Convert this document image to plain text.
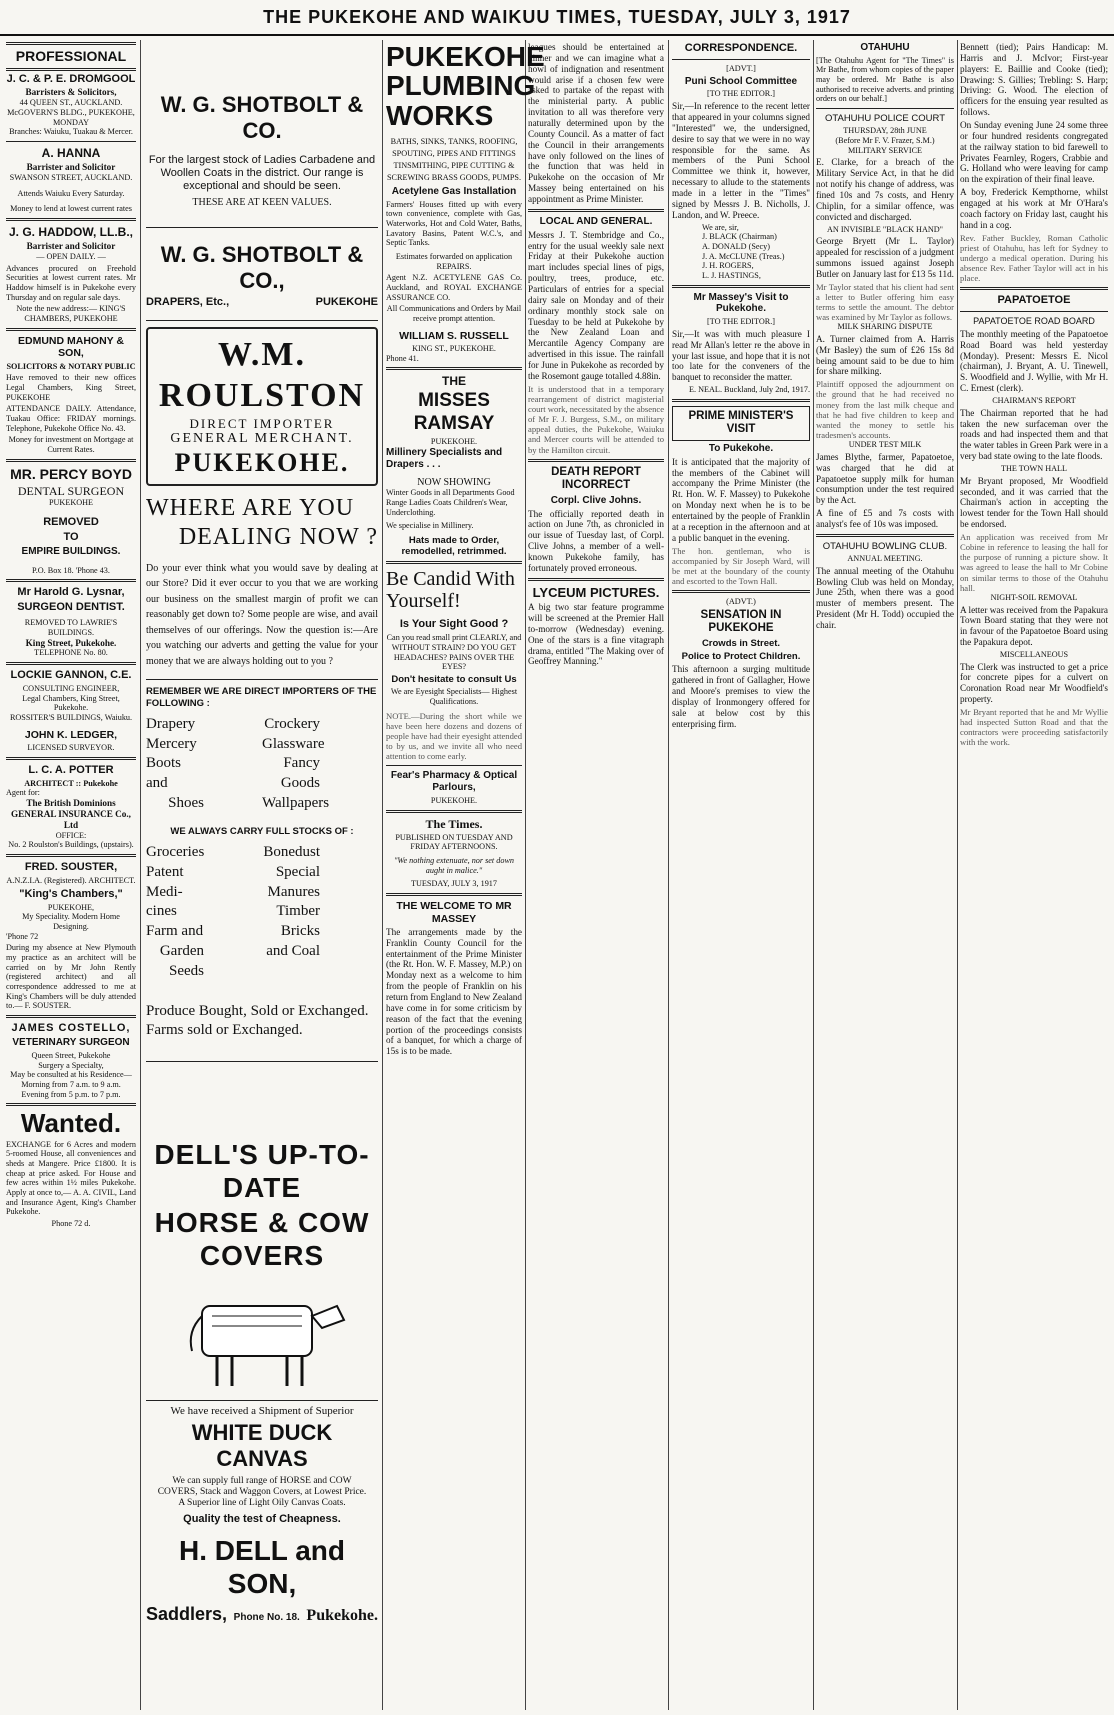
THE PUKEKOHE AND WAIKUU TIMES, TUESDAY, JULY 3, 1917
PROFESSIONAL
J. C. & P. E. DROMGOOL
Barristers & Solicitors,
44 QUEEN ST., AUCKLAND.
McGOVERN'S BLDG., PUKEKOHE, MONDAY
Branches: Waiuku, Tuakau & Mercer.
A. HANNA
Barrister and Solicitor
SWANSON STREET, AUCKLAND.
Attends Waiuku Every Saturday.
Money to lend at lowest current rates
J. G. HADDOW, LL.B.,
Barrister and Solicitor
— OPEN DAILY. —
Advances procured on Freehold Securities at lowest current rates. Mr Haddow himself is in Pukekohe every Thursday and on regular sale days.
Note the new address:— KING'S CHAMBERS, PUKEKOHE
EDMUND MAHONY & SON,
SOLICITORS & NOTARY PUBLIC
Have removed to their new offices Legal Chambers, King Street, PUKEKOHE
ATTENDANCE DAILY. Attendance, Tuakau Office: FRIDAY mornings. Telephone, Pukekohe Office No. 43.
Money for investment on Mortgage at Current Rates.
MR. PERCY BOYD
DENTAL SURGEON
PUKEKOHE
REMOVED
TO
EMPIRE BUILDINGS.
P.O. Box 18. 'Phone 43.
Mr Harold G. Lysnar,
SURGEON DENTIST.
REMOVED TO LAWRIE'S BUILDINGS.
King Street, Pukekohe.
TELEPHONE No. 80.
LOCKIE GANNON, C.E.
CONSULTING ENGINEER,
Legal Chambers, King Street, Pukekohe.
ROSSITER'S BUILDINGS, Waiuku.
JOHN K. LEDGER,
LICENSED SURVEYOR.
L. C. A. POTTER
ARCHITECT :: Pukekohe
Agent for:
The British Dominions GENERAL INSURANCE Co., Ltd
OFFICE:
No. 2 Roulston's Buildings, (upstairs).
FRED. SOUSTER,
A.N.Z.I.A. (Registered). ARCHITECT.
"King's Chambers,"
PUKEKOHE,
My Speciality. Modern Home Designing.
'Phone 72
During my absence at New Plymouth my practice as an architect will be carried on by Mr John Rently (registered architect) and all correspondence addressed to me at King's Chambers will be duly attended to.— F. SOUSTER.
JAMES COSTELLO,
VETERINARY SURGEON
Queen Street, Pukekohe
Surgery a Specialty,
May be consulted at his Residence—
Morning from 7 a.m. to 9 a.m.
Evening from 5 p.m. to 7 p.m.
Wanted.
EXCHANGE for 6 Acres and modern 5-roomed House, all conveniences and sheds at Mangere. Price £1800. It is cheap at price asked. For House and few acres within 1½ miles Pukekohe. Apply at once to,— A. A. CIVIL, Land and Insurance Agent, King's Chamber Pukekohe.
Phone 72 d.
W. G. SHOTBOLT & CO.
For the largest stock of Ladies Carbadene and Woollen Coats in the district. Our range is exceptional and should be seen.
THESE ARE AT KEEN VALUES.
W. G. SHOTBOLT & CO.,
DRAPERS, Etc.,	PUKEKOHE
W.M. ROULSTON
DIRECT IMPORTER
GENERAL MERCHANT.
PUKEKOHE.
WHERE ARE YOU
DEALING NOW ?
Do your ever think what you would save by dealing at our Store? Did it ever occur to you that we are working our business on the smallest margin of profit we can reasonably get down to? Some people are wise, and avail themselves of our offerings. Now the question is:—Are you watching our adverts and getting the value for your money that we are always holding out to you ?
REMEMBER WE ARE DIRECT IMPORTERS OF THE FOLLOWING :
Drapery
Mercery
Boots and
Shoes
Crockery
Glassware
Fancy Goods
Wallpapers
WE ALWAYS CARRY FULL STOCKS OF :
Groceries
Patent Medi-
cines
Farm and
Garden Seeds
Bonedust
Special
Manures
Timber
Bricks
and Coal
Produce Bought, Sold or Exchanged. Farms sold or Exchanged.
DELL'S UP-TO-DATE
HORSE & COW COVERS
We have received a Shipment of Superior
WHITE DUCK CANVAS
We can supply full range of HORSE and COW COVERS, Stack and Waggon Covers, at Lowest Price. A Superior line of Light Oily Canvas Coats.
Quality the test of Cheapness.
H. DELL and SON,
Saddlers, Phone No. 18. Pukekohe.
PUKEKOHE PLUMBING WORKS
BATHS, SINKS, TANKS, ROOFING, SPOUTING, PIPES AND FITTINGS TINSMITHING, PIPE CUTTING & SCREWING BRASS GOODS, PUMPS.
Acetylene Gas Installation
Farmers' Houses fitted up with every town convenience, complete with Gas, Waterworks, Hot and Cold Water, Baths, Lavatory Basins, Patent W.C.'s, and Septic Tanks.
Estimates forwarded on application REPAIRS.
Agent N.Z. ACETYLENE GAS Co. Auckland, and ROYAL EXCHANGE ASSURANCE CO.
All Communications and Orders by Mail receive prompt attention.
WILLIAM S. RUSSELL
KING ST., PUKEKOHE.
Phone 41.
THE
MISSES RAMSAY
PUKEKOHE.
Millinery Specialists and Drapers . . .
NOW SHOWING
Winter Goods in all Departments Good Range Ladies Coats Children's Wear, Underclothing.
We specialise in Millinery.
Hats made to Order, remodelled, retrimmed.
Be Candid With Yourself!
Is Your Sight Good ?
Can you read small print CLEARLY, and WITHOUT STRAIN? DO YOU GET HEADACHES? PAINS OVER THE EYES?
Don't hesitate to consult Us
We are Eyesight Specialists— Highest Qualifications.
NOTE.—During the short while we have been here dozens and dozens of people have had their eyesight attended to by us, and we invite all who need attention to come early.
Fear's Pharmacy & Optical Parlours,
PUKEKOHE.
The Times.
PUBLISHED ON TUESDAY AND FRIDAY AFTERNOONS.
"We nothing extenuate, nor set down aught in malice."
TUESDAY, JULY 3, 1917
THE WELCOME TO MR MASSEY
The arrangements made by the Franklin County Council for the entertainment of the Prime Minister (the Rt. Hon. W. F. Massey, M.P.) on Monday next as a welcome to him from the people of Franklin on his return from England to New Zealand have come in for some criticism by reason of the fact that the evening portion of the proceedings consists of a banquet, for which a charge of 15s is to be made.
leagues should be entertained at dinner and we can imagine what a howl of indignation and resentment would arise if a chosen few were asked to partake of the repast with the ministerial party. A public invitation to all was therefore very naturally determined upon by the County Council. As a matter of fact the Council in their arrangements have only followed on the lines of the function that was held in Pukekohe on the occasion of Mr Massey being entertained on his appointment as Prime Minister.
LOCAL AND GENERAL.
Messrs J. T. Stembridge and Co., entry for the usual weekly sale next Friday at their Pukekohe auction mart includes special lines of pigs, poultry, trees, produce, etc. Particulars of entries for a special dairy sale on Monday and of their ordinary monthly stock sale on Tuesday to be held at Pukekohe by the New Zealand Loan and Mercantile Agency Company are advertised in this issue. The rainfall for June in Pukekohe as recorded by the Rosemont gauge totalled 4.88in.
It is understood that in a temporary rearrangement of district magisterial court work, necessitated by the absence of Mr F. J. Burgess, S.M., on military appeal duties, the Pukekohe, Waiuku and Mercer courts will be attended to by the Hamilton circuit.
DEATH REPORT INCORRECT
Corpl. Clive Johns.
The officially reported death in action on June 7th, as chronicled in our issue of Tuesday last, of Corpl. Clive Johns, a member of a well-known Pukekohe family, has fortunately proved erroneous.
LYCEUM PICTURES.
A big two star feature programme will be screened at the Premier Hall to-morrow (Wednesday) evening. One of the stars is a fine vitagraph drama, entitled "The Making over of Geoffrey Manning."
CORRESPONDENCE.
[ADVT.]
Puni School Committee
[TO THE EDITOR.]
Sir,—In reference to the recent letter that appeared in your columns signed "Interested" we, the undersigned, desire to say that we were in no way responsible for the same. As members of the Puni School Committee we think it, however, necessary to allude to the statements made in a letter in the "Times" signed by Messrs J. B. Nicholls, J. Landon, and W. Preece.
We are, sir,
J. BLACK (Chairman)
A. DONALD (Secy)
J. A. McCLUNE (Treas.)
J. H. ROGERS,
L. J. HASTINGS,
Mr Massey's Visit to Pukekohe.
[TO THE EDITOR.]
Sir,—It was with much pleasure I read Mr Allan's letter re the above in your last issue, and hope that it is not too late for the conveners of the banquet to reconsider the matter.
E. NEAL. Buckland, July 2nd, 1917.
PRIME MINISTER'S VISIT
To Pukekohe.
It is anticipated that the majority of the members of the Cabinet will accompany the Prime Minister (the Rt. Hon. W. F. Massey) to Pukekohe on Monday next when he is to be entertained by the people of Franklin at a reception in the afternoon and at a public banquet in the evening.
The hon. gentleman, who is accompanied by Sir Joseph Ward, will be met at the boundary of the county and escorted to the Town Hall.
(ADVT.)
SENSATION IN PUKEKOHE
Crowds in Street.
Police to Protect Children.
This afternoon a surging multitude gathered in front of Gallagher, Howe and Moore's premises to view the display of Ironmongery offered for sale at below cost by this enterprising firm.
OTAHUHU
[The Otahuhu Agent for "The Times" is Mr Bathe, from whom copies of the paper may be ordered. Mr Bathe is also authorised to receive adverts. and printing orders on our behalf.]
OTAHUHU POLICE COURT
THURSDAY, 28th JUNE
(Before Mr F. V. Frazer, S.M.)
MILITARY SERVICE
E. Clarke, for a breach of the Military Service Act, in that he did not notify his change of address, was fined 10s and 7s costs, and Henry Chiplin, for a similar offence, was convicted and discharged.
AN INVISIBLE "BLACK HAND"
George Bryett (Mr L. Taylor) appealed for rescission of a judgment summons issued against Joseph Butler on January last for £13 5s 11d.
Mr Taylor stated that his client had sent a letter to Butler offering him easy terms to settle the amount. The debtor was examined by Mr Taylor as follows.
MILK SHARING DISPUTE
A. Turner claimed from A. Harris (Mr Basley) the sum of £26 15s 8d being amount said to be due to him for share milking.
Plaintiff opposed the adjournment on the ground that he had received no money from the last milk cheque and that he had five children to keep and wanted the money to settle his tradesmen's accounts.
UNDER TEST MILK
James Blythe, farmer, Papatoetoe, was charged that he did at Papatoetoe supply milk for human consumption under the test required by the Act.
A fine of £5 and 7s costs with analyst's fee of 10s was imposed.
OTAHUHU BOWLING CLUB.
ANNUAL MEETING.
The annual meeting of the Otahuhu Bowling Club was held on Monday, June 25th, when there was a good muster of members present. The President (Mr H. Todd) occupied the chair.
Bennett (tied); Pairs Handicap: M. Harris and J. McIvor; First-year players: E. Baillie and Cooke (tied); Drawing: S. Gillies; Trebling: S. Harp; Driving: G. Wood. The election of officers for the ensuing year resulted as follows.
On Sunday evening June 24 some three or four hundred residents congregated at the railway station to bid farewell to Privates Fearnley, Rogers, Crabbie and G. Holland who were leaving for camp on the expiration of their final leave.
A boy, Frederick Kempthorne, whilst engaged at his work at Mr O'Hara's coach factory on Friday last, caught his hand in a cog.
Rev. Father Buckley, Roman Catholic priest of Otahuhu, has left for Sydney to undergo a medical operation. During his absence Rev. Father Taylor will act in his place.
PAPATOETOE
PAPATOETOE ROAD BOARD
The monthly meeting of the Papatoetoe Road Board was held yesterday (Monday). Present: Messrs E. Nicol (chairman), J. Bryant, A. U. Tinewell, S. Woodfield and J. Wyllie, with Mr H. C. Ernest (clerk).
CHAIRMAN'S REPORT
The Chairman reported that he had taken the new surfaceman over the roads and had inspected them and that the water tables in Green Park were in a very bad state owing to the late floods.
THE TOWN HALL
Mr Bryant proposed, Mr Woodfield seconded, and it was carried that the Chairman's action in accepting the lowest tender for the Town Hall should be endorsed.
An application was received from Mr Cobine in reference to leasing the hall for the purpose of running a picture show. It was agreed to lease the hall to Mr Cobine on similar terms to those of the Otahuhu hall.
NIGHT-SOIL REMOVAL
A letter was received from the Papakura Town Board stating that they were not in favour of the Papatoetoe Board using the Papakura depot.
MISCELLANEOUS
The Clerk was instructed to get a price for concrete pipes for a culvert on Coronation Road near Mr Woodfield's property.
Mr Bryant reported that he and Mr Wyllie had inspected Sutton Road and that the contractors were proceeding satisfactorily with the work.
